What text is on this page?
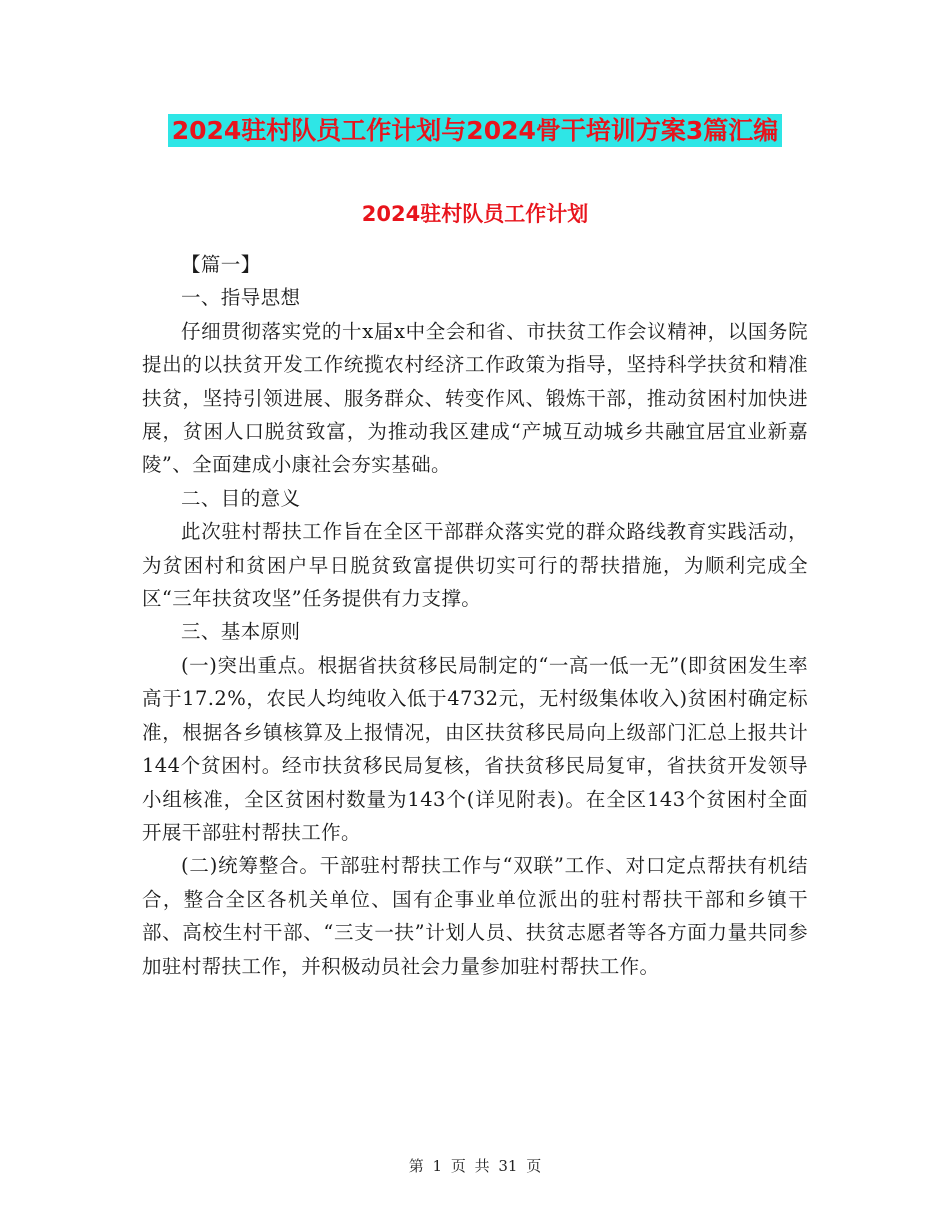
2024驻村队员工作计划与2024骨干培训方案3篇汇编
2024驻村队员工作计划

【篇一】

一、指导思想

仔细贯彻落实党的十x届x中全会和省、市扶贫工作会议精神，以国务院提出的以扶贫开发工作统揽农村经济工作政策为指导，坚持科学扶贫和精准扶贫，坚持引领进展、服务群众、转变作风、锻炼干部，推动贫困村加快进展，贫困人口脱贫致富，为推动我区建成“产城互动城乡共融宜居宜业新嘉陵”、全面建成小康社会夯实基础。

二、目的意义

此次驻村帮扶工作旨在全区干部群众落实党的群众路线教育实践活动，为贫困村和贫困户早日脱贫致富提供切实可行的帮扶措施，为顺利完成全区“三年扶贫攻坚”任务提供有力支撑。

三、基本原则

(一)突出重点。根据省扶贫移民局制定的“一高一低一无”(即贫困发生率高于17.2%，农民人均纯收入低于4732元，无村级集体收入)贫困村确定标准，根据各乡镇核算及上报情况，由区扶贫移民局向上级部门汇总上报共计144个贫困村。经市扶贫移民局复核，省扶贫移民局复审，省扶贫开发领导小组核准，全区贫困村数量为143个(详见附表)。在全区143个贫困村全面开展干部驻村帮扶工作。

(二)统筹整合。干部驻村帮扶工作与“双联”工作、对口定点帮扶有机结合，整合全区各机关单位、国有企事业单位派出的驻村帮扶干部和乡镇干部、高校生村干部、“三支一扶”计划人员、扶贫志愿者等各方面力量共同参加驻村帮扶工作，并积极动员社会力量参加驻村帮扶工作。

第 1 页 共 31 页
